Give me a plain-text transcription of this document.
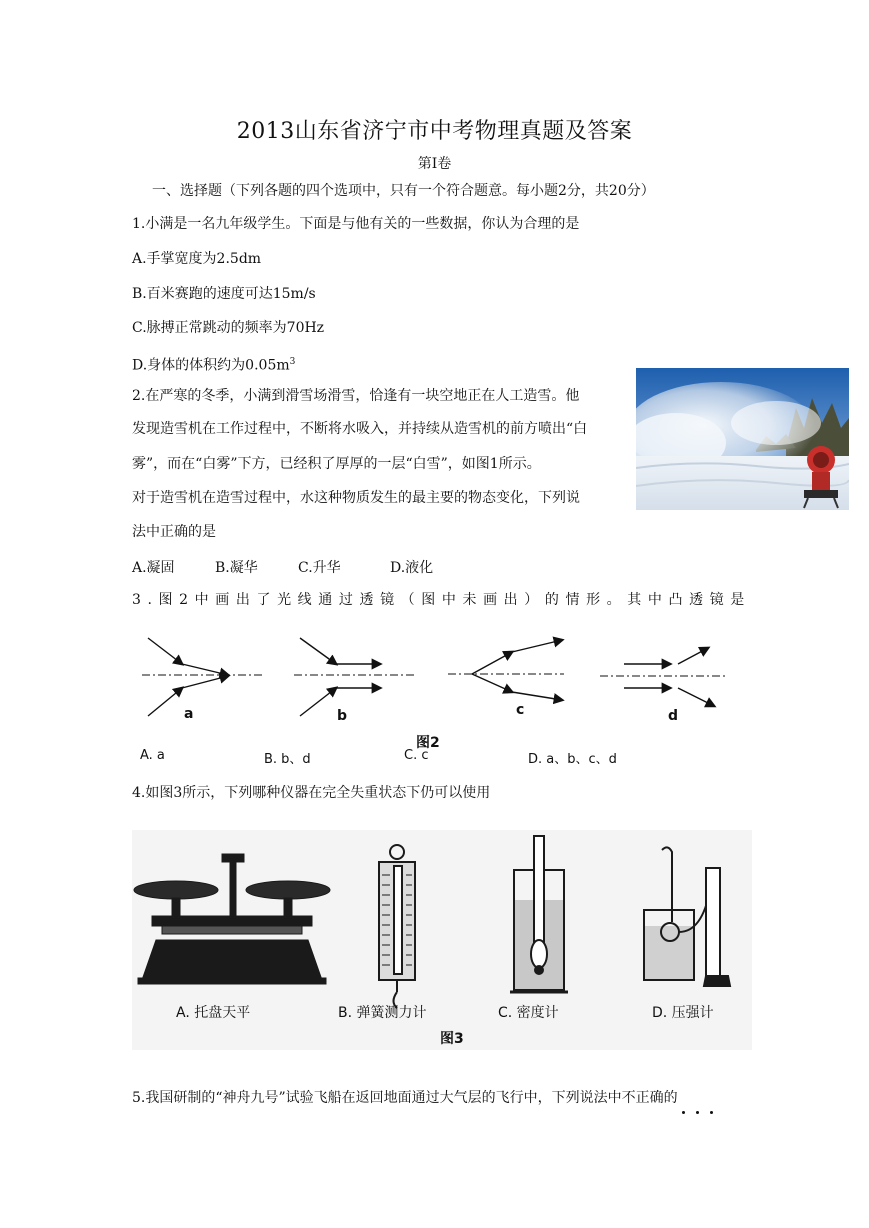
2013山东省济宁市中考物理真题及答案
第Ⅰ卷
一、选择题（下列各题的四个选项中，只有一个符合题意。每小题2分，共20分）
1.小满是一名九年级学生。下面是与他有关的一些数据，你认为合理的是
A.手掌宽度为2.5dm
B.百米赛跑的速度可达15m/s
C.脉搏正常跳动的频率为70Hz
D.身体的体积约为$0.05m^3$
2.在严寒的冬季，小满到滑雪场滑雪，恰逢有一块空地正在人工造雪。他
发现造雪机在工作过程中，不断将水吸入，并持续从造雪机的前方喷出“白
雾”，而在“白雾”下方，已经积了厚厚的一层“白雪”，如图1所示。
对于造雪机在造雪过程中，水这种物质发生的最主要的物态变化，下列说
法中正确的是
A.凝固	B.凝华	C.升华	D.液化
3.图2中画出了光线通过透镜（图中未画出）的情形。其中凸透镜是
a	b	c	d
图2
A. a	B. b、d	C. c	D. a、b、c、d
4.如图3所示，下列哪种仪器在完全失重状态下仍可以使用
A. 托盘天平	B. 弹簧测力计	C. 密度计	D. 压强计
图3
5.我国研制的“神舟九号”试验飞船在返回地面通过大气层的飞行中，下列说法中不正确的
